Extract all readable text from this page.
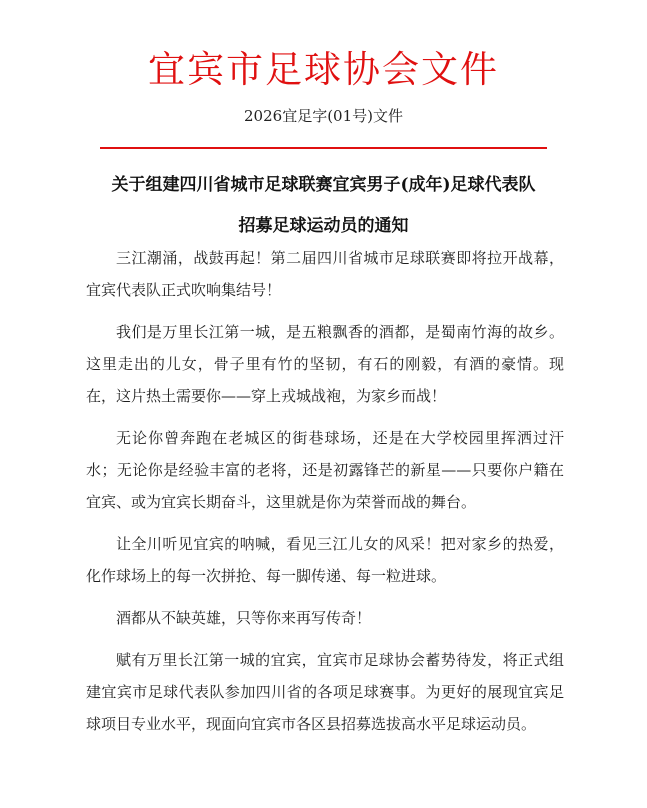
宜宾市足球协会文件
2026宜足字(01号)文件
关于组建四川省城市足球联赛宜宾男子(成年)足球代表队
招募足球运动员的通知

三江潮涌，战鼓再起！第二届四川省城市足球联赛即将拉开战幕，宜宾代表队正式吹响集结号！

我们是万里长江第一城，是五粮飘香的酒都，是蜀南竹海的故乡。这里走出的儿女，骨子里有竹的坚韧，有石的刚毅，有酒的豪情。现在，这片热土需要你——穿上戎城战袍，为家乡而战！

无论你曾奔跑在老城区的街巷球场，还是在大学校园里挥洒过汗水；无论你是经验丰富的老将，还是初露锋芒的新星——只要你户籍在宜宾、或为宜宾长期奋斗，这里就是你为荣誉而战的舞台。

让全川听见宜宾的呐喊，看见三江儿女的风采！把对家乡的热爱，化作球场上的每一次拼抢、每一脚传递、每一粒进球。

酒都从不缺英雄，只等你来再写传奇！

赋有万里长江第一城的宜宾，宜宾市足球协会蓄势待发，将正式组建宜宾市足球代表队参加四川省的各项足球赛事。为更好的展现宜宾足球项目专业水平，现面向宜宾市各区县招募选拔高水平足球运动员。
